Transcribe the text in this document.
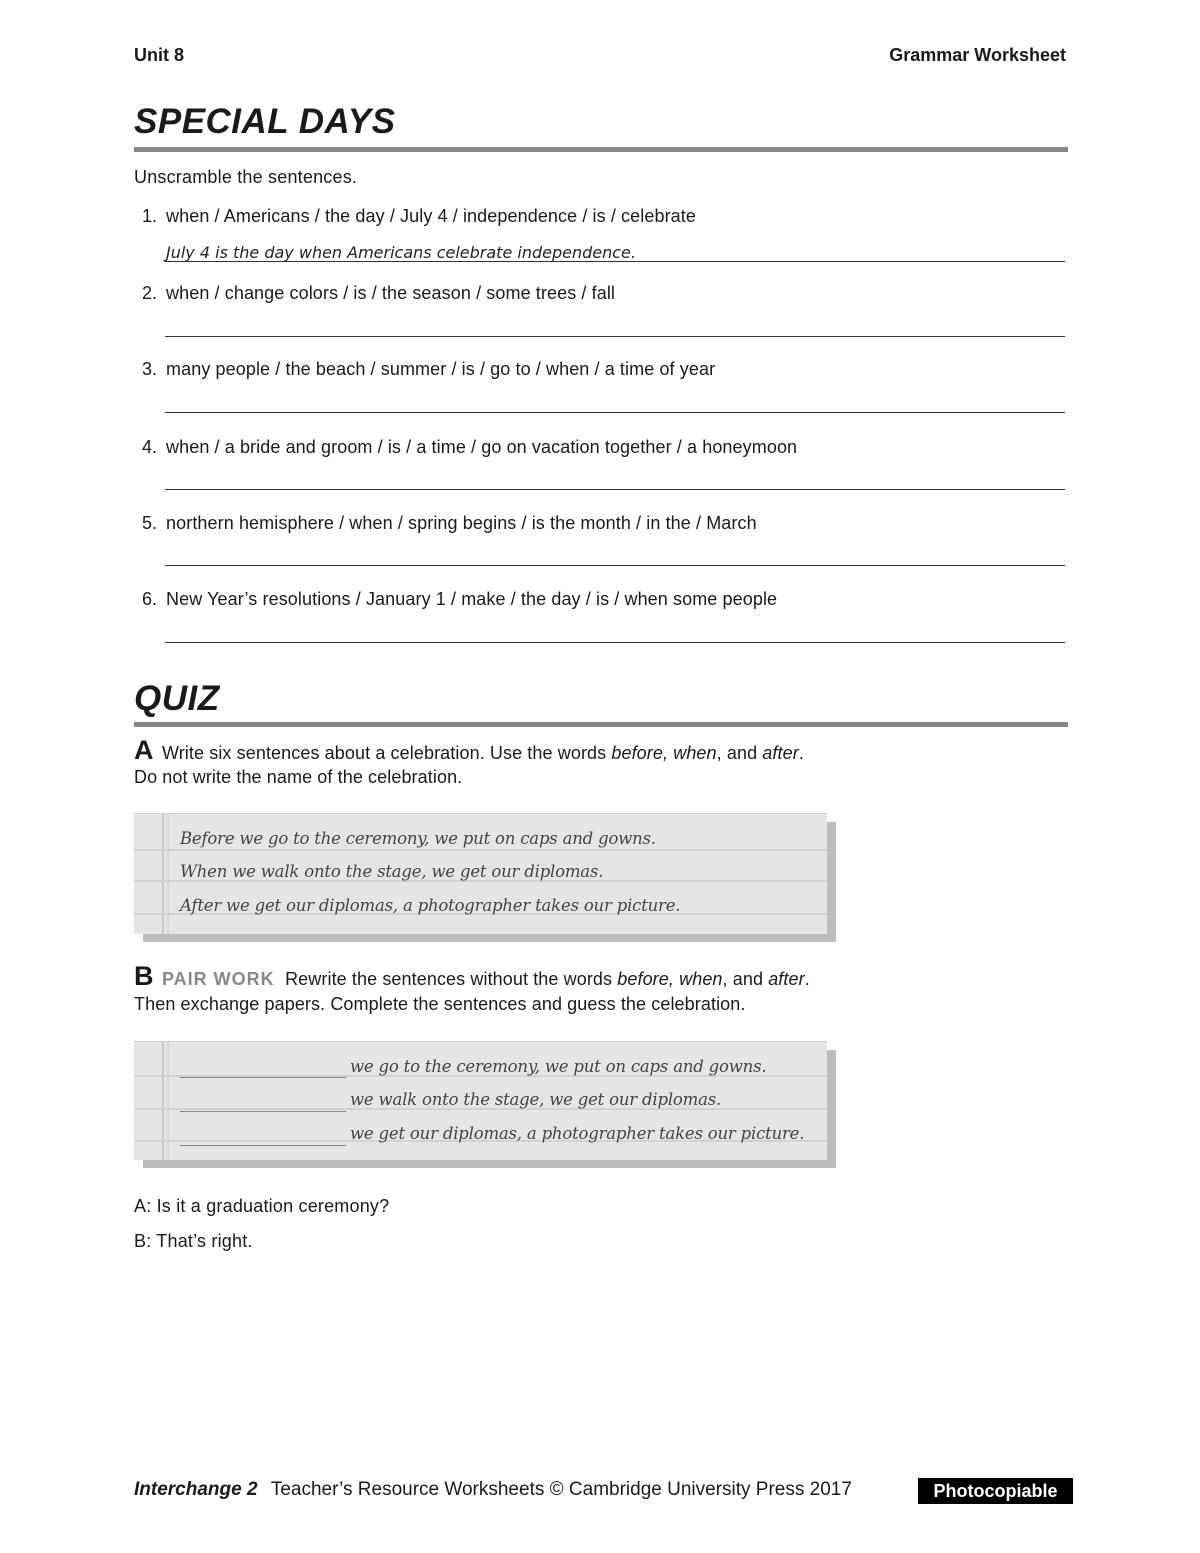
Unit 8	Grammar Worksheet
SPECIAL DAYS
Unscramble the sentences.
1. when / Americans / the day / July 4 / independence / is / celebrate
July 4 is the day when Americans celebrate independence.
2. when / change colors / is / the season / some trees / fall
3. many people / the beach / summer / is / go to / when / a time of year
4. when / a bride and groom / is / a time / go on vacation together / a honeymoon
5. northern hemisphere / when / spring begins / is the month / in the / March
6. New Year’s resolutions / January 1 / make / the day / is / when some people
QUIZ
A Write six sentences about a celebration. Use the words before, when, and after.
Do not write the name of the celebration.
Before we go to the ceremony, we put on caps and gowns.
When we walk onto the stage, we get our diplomas.
After we get our diplomas, a photographer takes our picture.
B PAIR WORK Rewrite the sentences without the words before, when, and after.
Then exchange papers. Complete the sentences and guess the celebration.
we go to the ceremony, we put on caps and gowns.
we walk onto the stage, we get our diplomas.
we get our diplomas, a photographer takes our picture.
A: Is it a graduation ceremony?
B: That’s right.
Interchange 2 Teacher’s Resource Worksheets © Cambridge University Press 2017	Photocopiable
